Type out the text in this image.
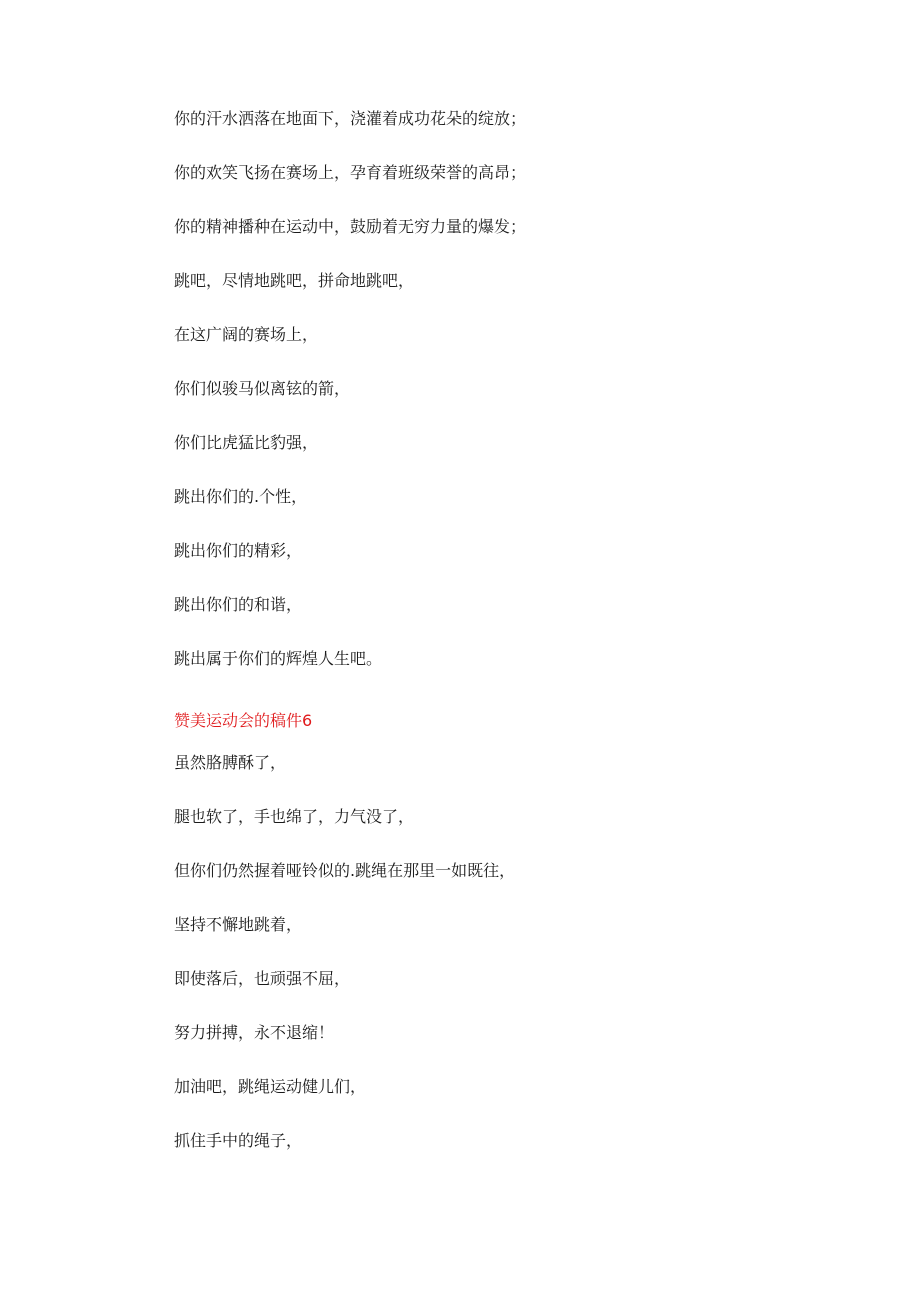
你的汗水洒落在地面下，浇灌着成功花朵的绽放；
你的欢笑飞扬在赛场上，孕育着班级荣誉的高昂；
你的精神播种在运动中，鼓励着无穷力量的爆发；
跳吧，尽情地跳吧，拼命地跳吧，
在这广阔的赛场上，
你们似骏马似离铉的箭，
你们比虎猛比豹强，
跳出你们的.个性，
跳出你们的精彩，
跳出你们的和谐，
跳出属于你们的辉煌人生吧。
赞美运动会的稿件6
虽然胳膊酥了，
腿也软了，手也绵了，力气没了，
但你们仍然握着哑铃似的.跳绳在那里一如既往，
坚持不懈地跳着，
即使落后，也顽强不屈，
努力拼搏，永不退缩！
加油吧，跳绳运动健儿们，
抓住手中的绳子，
